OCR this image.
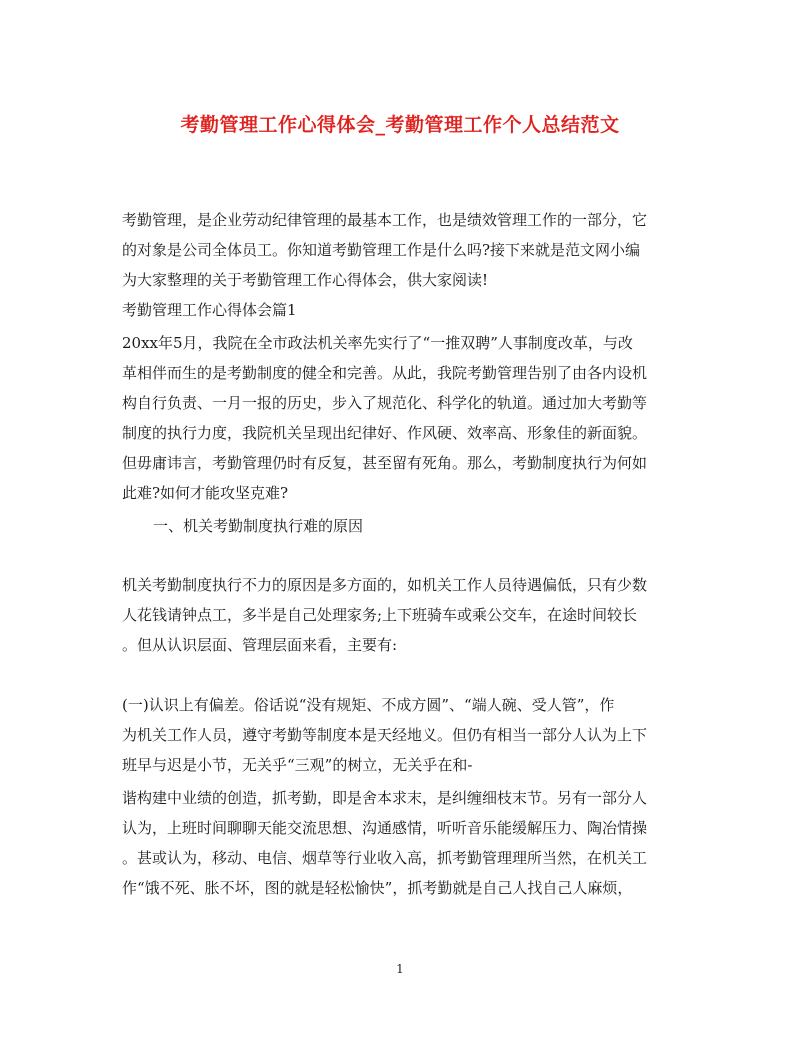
考勤管理工作心得体会_考勤管理工作个人总结范文
考勤管理，是企业劳动纪律管理的最基本工作，也是绩效管理工作的一部分，它
的对象是公司全体员工。你知道考勤管理工作是什么吗?接下来就是范文网小编
为大家整理的关于考勤管理工作心得体会，供大家阅读!
考勤管理工作心得体会篇1
20xx年5月，我院在全市政法机关率先实行了“一推双聘”人事制度改革，与改
革相伴而生的是考勤制度的健全和完善。从此，我院考勤管理告别了由各内设机
构自行负责、一月一报的历史，步入了规范化、科学化的轨道。通过加大考勤等
制度的执行力度，我院机关呈现出纪律好、作风硬、效率高、形象佳的新面貌。
但毋庸讳言，考勤管理仍时有反复，甚至留有死角。那么，考勤制度执行为何如
此难?如何才能攻坚克难?
一、机关考勤制度执行难的原因
机关考勤制度执行不力的原因是多方面的，如机关工作人员待遇偏低，只有少数
人花钱请钟点工，多半是自己处理家务;上下班骑车或乘公交车，在途时间较长
。但从认识层面、管理层面来看，主要有:
(一)认识上有偏差。俗话说“没有规矩、不成方圆”、“端人碗、受人管”，作
为机关工作人员，遵守考勤等制度本是天经地义。但仍有相当一部分人认为上下
班早与迟是小节，无关乎“三观”的树立，无关乎在和-
谐构建中业绩的创造，抓考勤，即是舍本求末，是纠缠细枝末节。另有一部分人
认为，上班时间聊聊天能交流思想、沟通感情，听听音乐能缓解压力、陶冶情操
。甚或认为，移动、电信、烟草等行业收入高，抓考勤管理理所当然，在机关工
作“饿不死、胀不坏，图的就是轻松愉快”，抓考勤就是自己人找自己人麻烦，
1
